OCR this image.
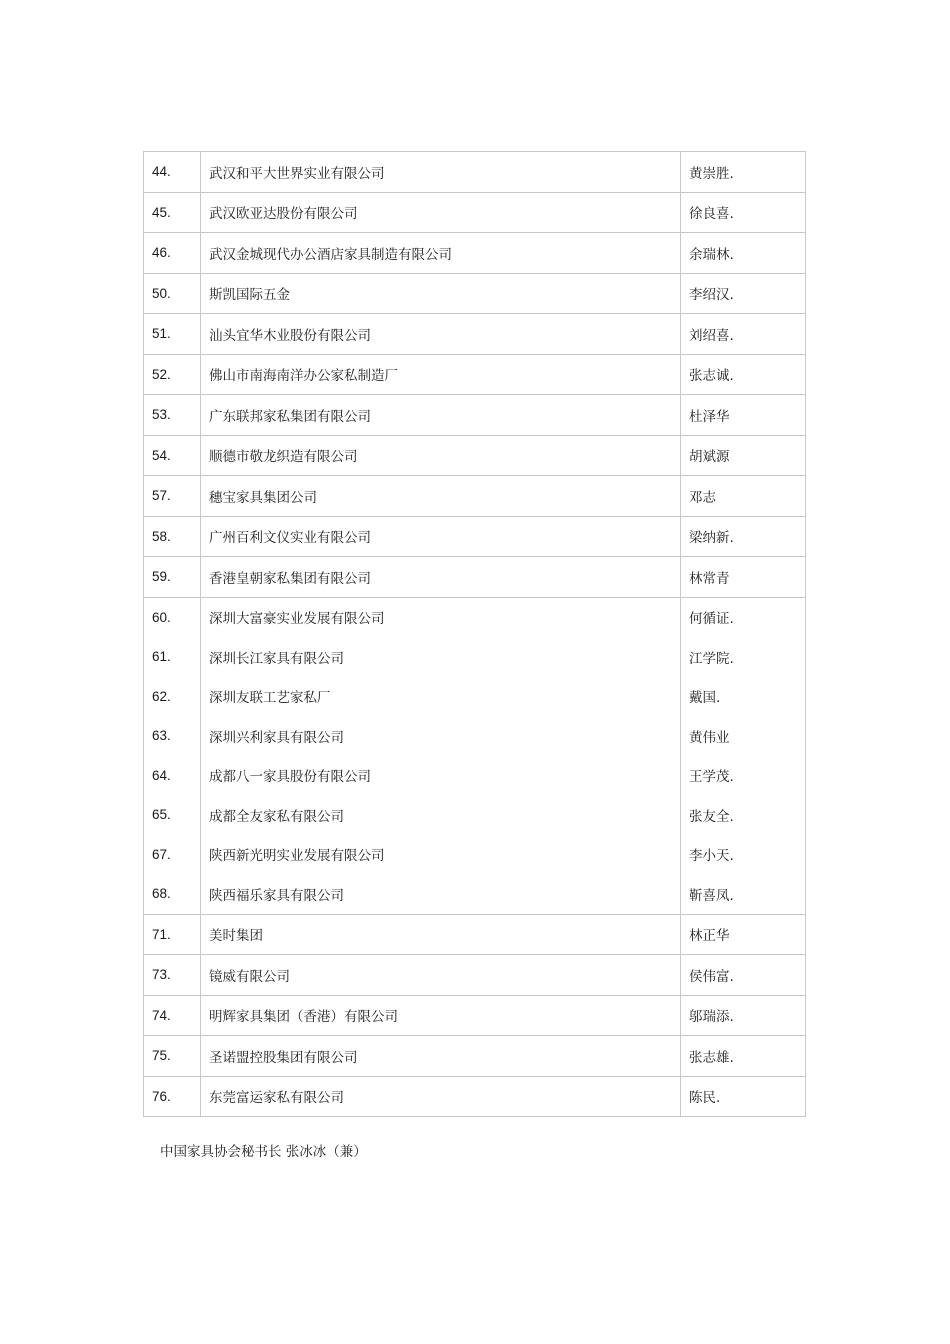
44.	武汉和平大世界实业有限公司	黄崇胜.
45.	武汉欧亚达股份有限公司	徐良喜.
46.	武汉金城现代办公酒店家具制造有限公司	余瑞林.
50.	斯凯国际五金	李绍汉.
51.	汕头宜华木业股份有限公司	刘绍喜.
52.	佛山市南海南洋办公家私制造厂	张志诚.
53.	广东联邦家私集团有限公司	杜泽华
54.	顺德市敬龙织造有限公司	胡斌源
57.	穗宝家具集团公司	邓志
58.	广州百利文仪实业有限公司	梁纳新.
59.	香港皇朝家私集团有限公司	林常青
60.	深圳大富豪实业发展有限公司	何循证.
61.	深圳长江家具有限公司	江学院.
62.	深圳友联工艺家私厂	戴国.
63.	深圳兴利家具有限公司	黄伟业
64.	成都八一家具股份有限公司	王学茂.
65.	成都全友家私有限公司	张友全.
67.	陕西新光明实业发展有限公司	李小天.
68.	陕西福乐家具有限公司	靳喜凤.
71.	美时集团	林正华
73.	镜威有限公司	侯伟富.
74.	明辉家具集团（香港）有限公司	邬瑞添.
75.	圣诺盟控股集团有限公司	张志雄.
76.	东莞富运家私有限公司	陈民.
中国家具协会秘书长 张冰冰（兼）
